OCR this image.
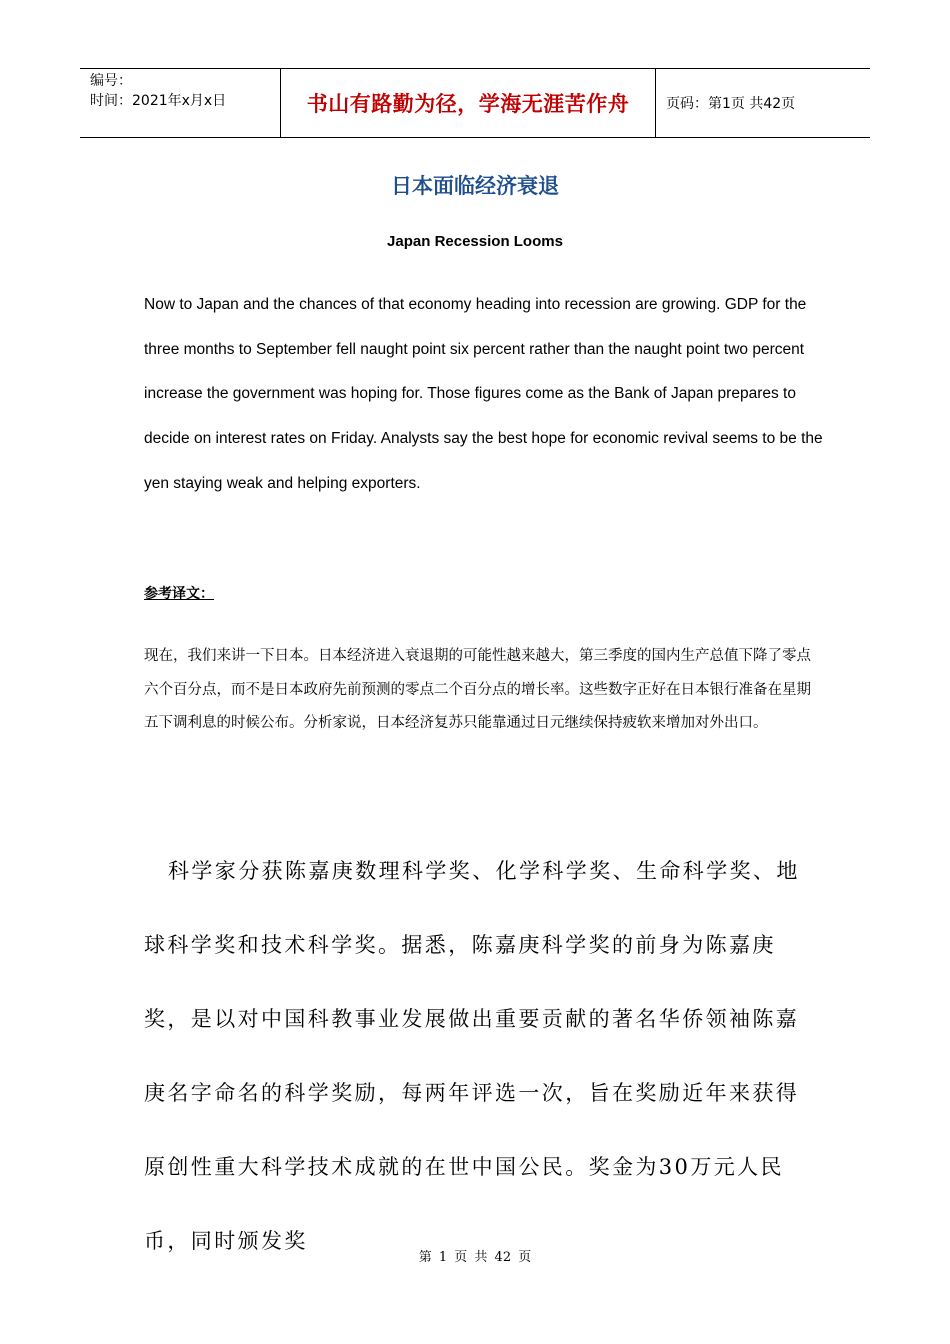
编号：
时间：2021年x月x日	书山有路勤为径，学海无涯苦作舟	页码：第1页 共42页
日本面临经济衰退
Japan Recession Looms
Now to Japan and the chances of that economy heading into recession are growing. GDP for the three months to September fell naught point six percent rather than the naught point two percent increase the government was hoping for. Those figures come as the Bank of Japan prepares to decide on interest rates on Friday. Analysts say the best hope for economic revival seems to be the yen staying weak and helping exporters.
参考译文：
现在，我们来讲一下日本。日本经济进入衰退期的可能性越来越大，第三季度的国内生产总值下降了零点六个百分点，而不是日本政府先前预测的零点二个百分点的增长率。这些数字正好在日本银行准备在星期五下调利息的时候公布。分析家说，日本经济复苏只能靠通过日元继续保持疲软来增加对外出口。
科学家分获陈嘉庚数理科学奖、化学科学奖、生命科学奖、地球科学奖和技术科学奖。据悉，陈嘉庚科学奖的前身为陈嘉庚奖，是以对中国科教事业发展做出重要贡献的著名华侨领袖陈嘉庚名字命名的科学奖励，每两年评选一次，旨在奖励近年来获得原创性重大科学技术成就的在世中国公民。奖金为30万元人民币，同时颁发奖
第 1 页 共 42 页
